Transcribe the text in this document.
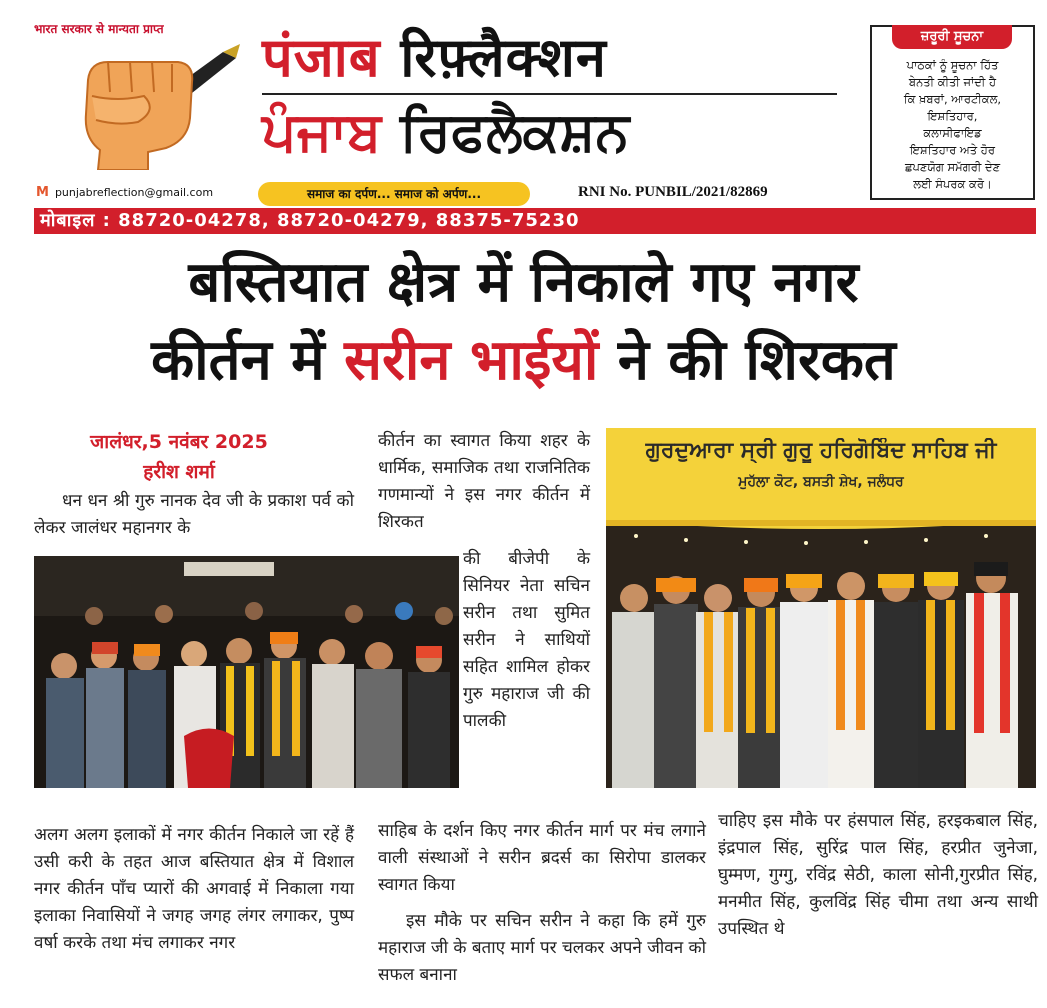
भारत सरकार से मान्यता प्राप्त पंजाब रिफ़्लैक्शन
ਪੰਜਾਬ ਰਿਫਲੈਕਸ਼ਨ
M punjabreflection@gmail.com	समाज का दर्पण... समाज को अर्पण...	RNI No. PUNBIL/2021/82869
ਜ਼ਰੂਰੀ ਸੂਚਨਾ
ਪਾਠਕਾਂ ਨੂੰ ਸੂਚਨਾ ਹਿੱਤ
ਬੇਨਤੀ ਕੀਤੀ ਜਾਂਦੀ ਹੈ
ਕਿ ਖ਼ਬਰਾਂ, ਆਰਟੀਕਲ,
ਇਸ਼ਤਿਹਾਰ,
ਕਲਾਸੀਫਾਇਡ
ਇਸ਼ਤਿਹਾਰ ਅਤੇ ਹੋਰ
ਛਪਣਯੋਗ ਸਮੱਗਰੀ ਦੇਣ
ਲਈ ਸੰਪਰਕ ਕਰੋ।
मोबाइल : 88720-04278, 88720-04279, 88375-75230
बस्तियात क्षेत्र में निकाले गए नगर
कीर्तन में सरीन भाईयों ने की शिरकत
जालंधर,5 नवंबर 2025
हरीश शर्मा
धन धन श्री गुरु नानक देव जी के प्रकाश पर्व को लेकर जालंधर महानगर के
कीर्तन का स्वागत किया शहर के धार्मिक, समाजिक तथा राजनितिक गणमान्यों ने इस नगर कीर्तन में शिरकत
की बीजेपी के सिनियर नेता सचिन सरीन तथा सुमित सरीन ने साथियों सहित शामिल होकर गुरु महाराज जी की पालकी
ਗੁਰਦੁਆਰਾ ਸ੍ਰੀ ਗੁਰੂ ਹਰਿਗੋਬਿੰਦ ਸਾਹਿਬ ਜੀ
ਮੁਹੱਲਾ ਕੋਟ, ਬਸਤੀ ਸ਼ੇਖ, ਜਲੰਧਰ
अलग अलग इलाकों में नगर कीर्तन निकाले जा रहें हैं उसी करी के तहत आज बस्तियात क्षेत्र में विशाल नगर कीर्तन पाँच प्यारों की अगवाई में निकाला गया इलाका निवासियों ने जगह जगह लंगर लगाकर, पुष्प वर्षा करके तथा मंच लगाकर नगर
साहिब के दर्शन किए नगर कीर्तन मार्ग पर मंच लगाने वाली संस्थाओं ने सरीन ब्रदर्स का सिरोपा डालकर स्वागत किया
इस मौके पर सचिन सरीन ने कहा कि हमें गुरु महाराज जी के बताए मार्ग पर चलकर अपने जीवन को सफल बनाना
चाहिए इस मौके पर हंसपाल सिंह, हरइकबाल सिंह, इंद्रपाल सिंह, सुरिंद्र पाल सिंह, हरप्रीत जुनेजा, घुम्मण, गुग्गु, रविंद्र सेठी, काला सोनी,गुरप्रीत सिंह, मनमीत सिंह, कुलविंद्र सिंह चीमा तथा अन्य साथी उपस्थित थे
